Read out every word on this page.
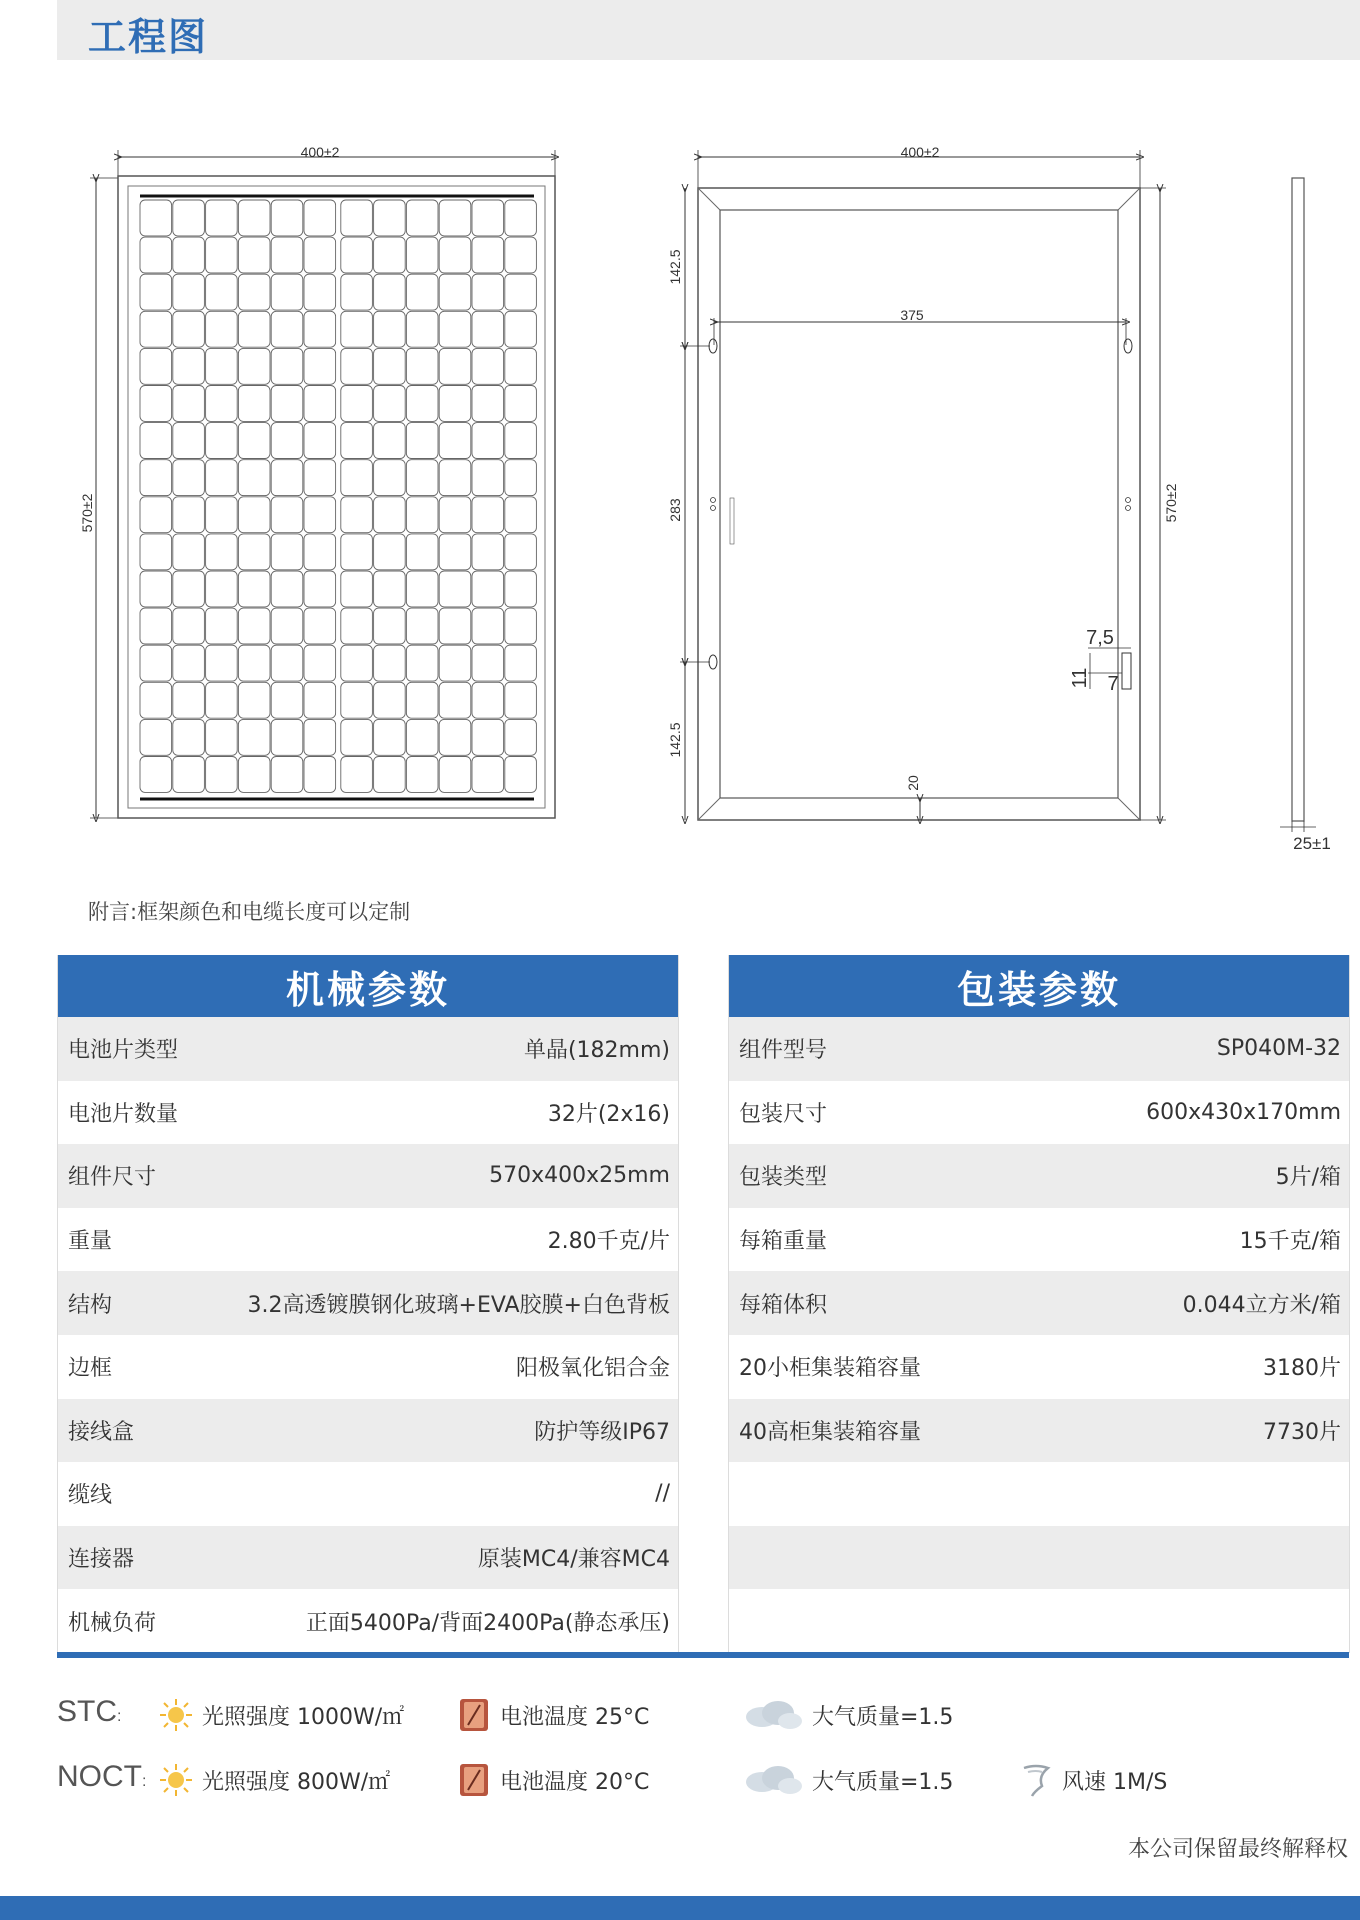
工程图
400±2
570±2
400±2
375
142.5
283
142.5
570±2
20
7,5
11 7
25±1
附言:框架颜色和电缆长度可以定制
机械参数
电池片类型	单晶(182mm)
电池片数量	32片(2x16)
组件尺寸	570x400x25mm
重量	2.80千克/片
结构	3.2高透镀膜钢化玻璃+EVA胶膜+白色背板
边框	阳极氧化铝合金
接线盒	防护等级IP67
缆线	//
连接器	原装MC4/兼容MC4
机械负荷	正面5400Pa/背面2400Pa(静态承压)
包装参数
组件型号	SP040M-32
包装尺寸	600x430x170mm
包装类型	5片/箱
每箱重量	15千克/箱
每箱体积	0.044立方米/箱
20小柜集装箱容量	3180片
40高柜集装箱容量	7730片
STC:	光照强度 1000W/㎡	电池温度 25°C	大气质量=1.5
NOCT:	光照强度 800W/㎡	电池温度 20°C	大气质量=1.5	风速 1M/S
本公司保留最终解释权
